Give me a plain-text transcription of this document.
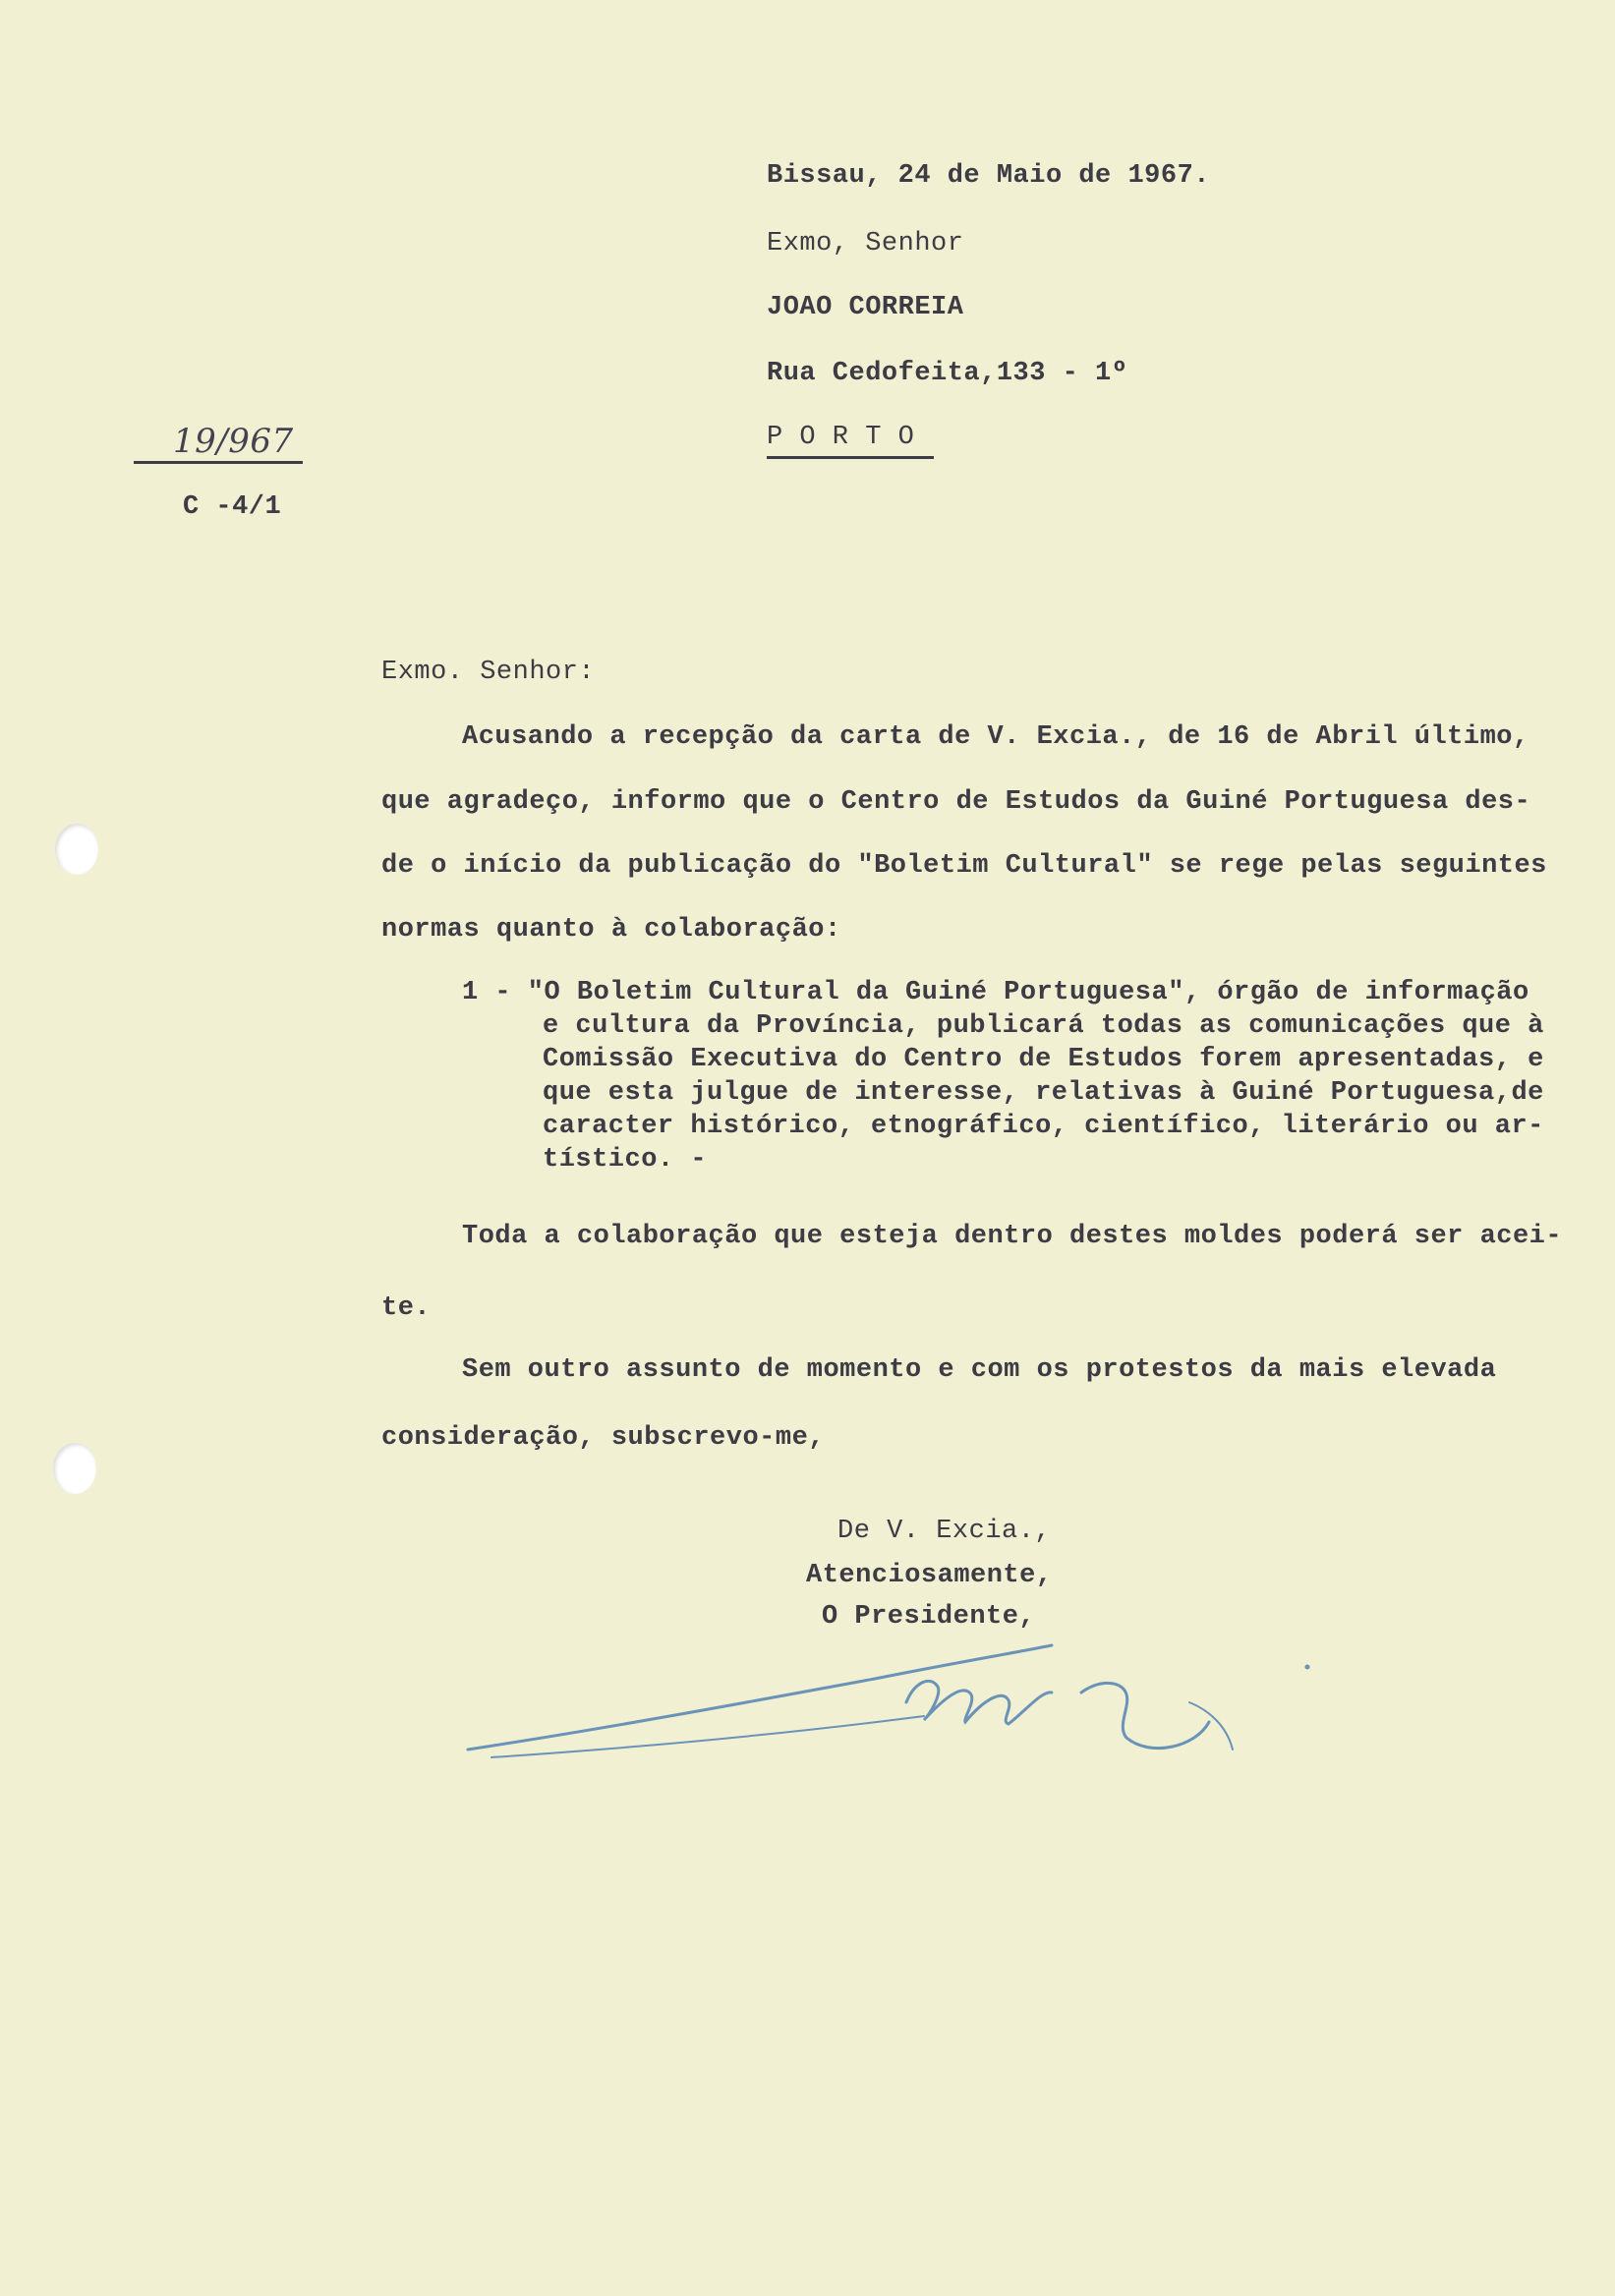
Bissau, 24 de Maio de 1967.
Exmo, Senhor
JOAO CORREIA
Rua Cedofeita,133 - 1º
P O R T O
19/967
C -4/1
Exmo. Senhor:
Acusando a recepção da carta de V. Excia., de 16 de Abril último,
que agradeço, informo que o Centro de Estudos da Guiné Portuguesa des-
de o início da publicação do "Boletim Cultural" se rege pelas seguintes
normas quanto à colaboração:
1 - "O Boletim Cultural da Guiné Portuguesa", órgão de informação
e cultura da Província, publicará todas as comunicações que à
Comissão Executiva do Centro de Estudos forem apresentadas, e
que esta julgue de interesse, relativas à Guiné Portuguesa,de
caracter histórico, etnográfico, científico, literário ou ar-
tístico. -
Toda a colaboração que esteja dentro destes moldes poderá ser acei-
te.
Sem outro assunto de momento e com os protestos da mais elevada
consideração, subscrevo-me,
De V. Excia.,
Atenciosamente,
O Presidente,
